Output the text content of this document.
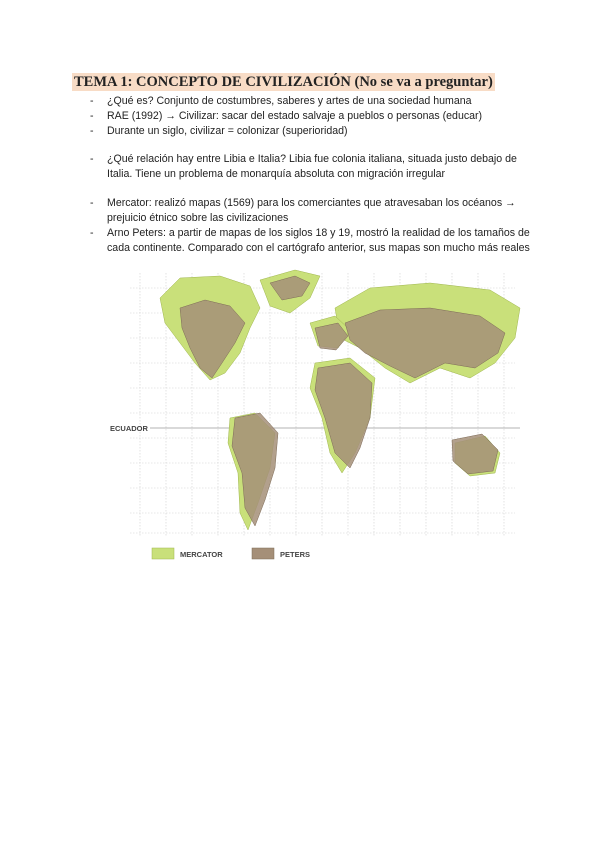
TEMA 1: CONCEPTO DE CIVILIZACIÓN (No se va a preguntar)
- ¿Qué es? Conjunto de costumbres, saberes y artes de una sociedad humana
- RAE (1992) → Civilizar: sacar del estado salvaje a pueblos o personas (educar)
- Durante un siglo, civilizar = colonizar (superioridad)
- ¿Qué relación hay entre Libia e Italia? Libia fue colonia italiana, situada justo debajo de Italia. Tiene un problema de monarquía absoluta con migración irregular
- Mercator: realizó mapas (1569) para los comerciantes que atravesaban los océanos → prejuicio étnico sobre las civilizaciones
- Arno Peters: a partir de mapas de los siglos 18 y 19, mostró la realidad de los tamaños de cada continente. Comparado con el cartógrafo anterior, sus mapas son mucho más reales
ECUADOR
MERCATOR	PETERS
